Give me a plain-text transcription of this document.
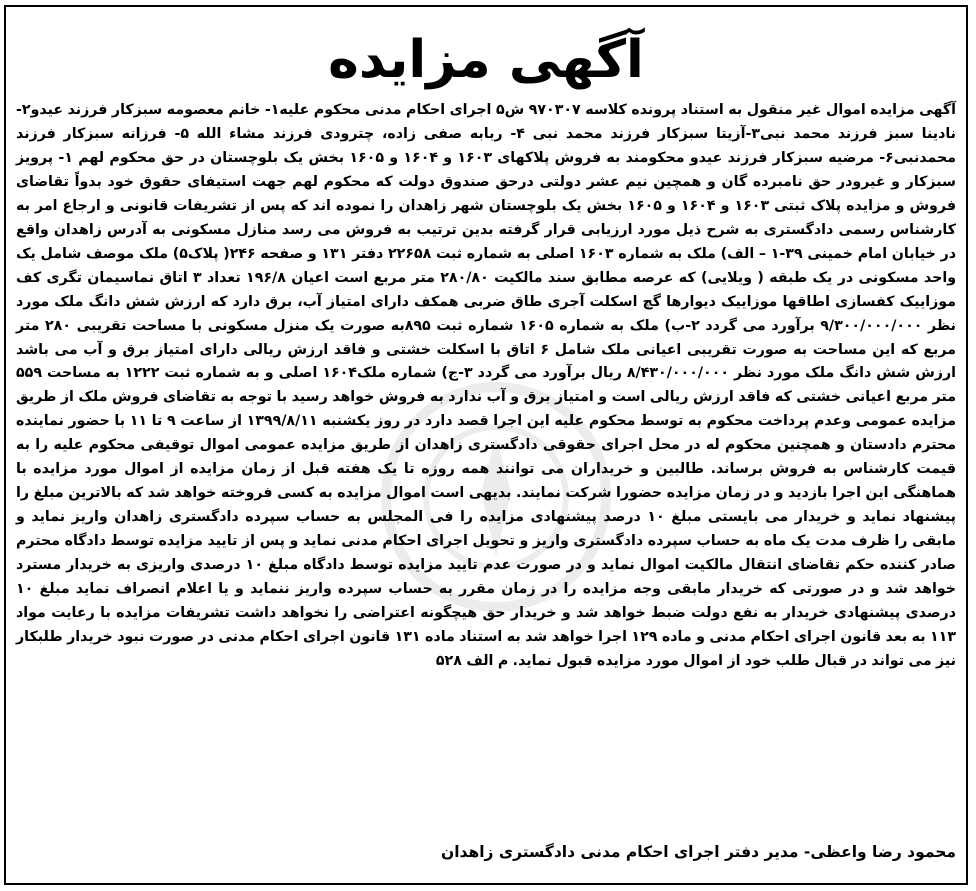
آگهی مزایده
آگهی مزایده اموال غیر منقول به استناد پرونده کلاسه ۹۷۰۳۰۷ ش۵ اجرای احکام مدنی محکوم علیه۱- خانم معصومه سبزکار فرزند عیدو۲- نادینا سبز فرزند محمد نبی۳-آزیتا سبزکار فرزند محمد نبی ۴- ربابه صفی زاده، چترودی فرزند مشاء الله ۵- فرزانه سبزکار فرزند محمدنبی۶- مرضیه سبزکار فرزند عیدو محکومند به فروش پلاکهای ۱۶۰۳ و ۱۶۰۴ و ۱۶۰۵ بخش یک بلوچستان در حق محکوم لهم ۱- پرویز سبزکار و غیرودر حق نامبرده گان و همچین نیم عشر دولتی درحق صندوق دولت که محکوم لهم جهت استیفای حقوق خود بدواً تقاضای فروش و مزایده پلاک ثبتی ۱۶۰۳ و ۱۶۰۴ و ۱۶۰۵ بخش یک بلوچستان شهر زاهدان را نموده اند که پس از تشریفات قانونی و ارجاع امر به کارشناس رسمی دادگستری به شرح ذیل مورد ارزیابی قرار گرفته بدین ترتیب به فروش می رسد منازل مسکونی به آدرس زاهدان واقع در خیابان امام خمینی ۳۹-۱ – الف) ملک به شماره ۱۶۰۳ اصلی به شماره ثبت ۲۲۶۵۸ دفتر ۱۳۱ و صفحه ۲۴۶( پلاک۵) ملک موصف شامل یک واحد مسکونی در یک طبقه ( ویلایی) که عرصه مطابق سند مالکیت ۲۸۰/۸۰ متر مربع است اعیان ۱۹۶/۸ تعداد ۳ اتاق نماسیمان تگری کف موزاییک کفسازی اطاقها موزاییک دیوارها گچ اسکلت آجری طاق ضربی همکف دارای امتیاز آب، برق دارد که ارزش شش دانگ ملک مورد نظر ۹/۳۰۰/۰۰۰/۰۰۰ برآورد می گردد ۲-ب) ملک به شماره ۱۶۰۵ شماره ثبت ۸۹۵به صورت یک منزل مسکونی با مساحت تقریبی ۲۸۰ متر مربع که این مساحت به صورت تقریبی اعیانی ملک شامل ۶ اتاق با اسکلت خشتی و فاقد ارزش ریالی دارای امتیاز برق و آب می باشد ارزش شش دانگ ملک مورد نظر ۸/۴۳۰/۰۰۰/۰۰۰ ریال برآورد می گردد ۳-ج) شماره ملک۱۶۰۴ اصلی و به شماره ثبت ۱۲۲۲ به مساحت ۵۵۹ متر مربع اعیانی خشتی که فاقد ارزش ریالی است و امتیاز برق و آب ندارد به فروش خواهد رسید با توجه به تقاضای فروش ملک از طریق مزایده عمومی وعدم پرداخت محکوم به توسط محکوم علیه این اجرا قصد دارد در روز یکشنبه ۱۳۹۹/۸/۱۱ از ساعت ۹ تا ۱۱ با حضور نماینده محترم دادستان و همچنین محکوم له در محل اجرای حقوقی دادگستری زاهدان از طریق مزایده عمومی اموال توقیفی محکوم علیه را به قیمت کارشناس به فروش برساند. طالبین و خریداران می توانند همه روزه تا یک هفته قبل از زمان مزایده از اموال مورد مزایده با هماهنگی این اجرا بازدید و در زمان مزایده حضورا شرکت نمایند. بدیهی است اموال مزایده به کسی فروخته خواهد شد که بالاترین مبلغ را پیشنهاد نماید و خریدار می بایستی مبلغ ۱۰ درصد پیشنهادی مزایده را فی المجلس به حساب سپرده دادگستری زاهدان واریز نماید و مابقی را ظرف مدت یک ماه به حساب سپرده دادگستری واریز و تحویل اجرای احکام مدنی نماید و پس از تایید مزایده توسط دادگاه محترم صادر کننده حکم تقاضای انتقال مالکیت اموال نماید و در صورت عدم تایید مزایده توسط دادگاه مبلغ ۱۰ درصدی واریزی به خریدار مسترد خواهد شد و در صورتی که خریدار مابقی وجه مزایده را در زمان مقرر به حساب سپرده واریز ننماید و یا اعلام انصراف نماید مبلغ ۱۰ درصدی پیشنهادی خریدار به نفع دولت ضبط خواهد شد و خریدار حق هیچگونه اعتراضی را نخواهد داشت تشریفات مزایده با رعایت مواد ۱۱۳ به بعد قانون اجرای احکام مدنی و ماده ۱۲۹ اجرا خواهد شد به استناد ماده ۱۳۱ قانون اجرای احکام مدنی در صورت نبود خریدار طلبکار نیز می تواند در قبال طلب خود از اموال مورد مزایده قبول نماید. م الف ۵۲۸
محمود رضا واعظی- مدیر دفتر اجرای احکام مدنی دادگستری زاهدان
